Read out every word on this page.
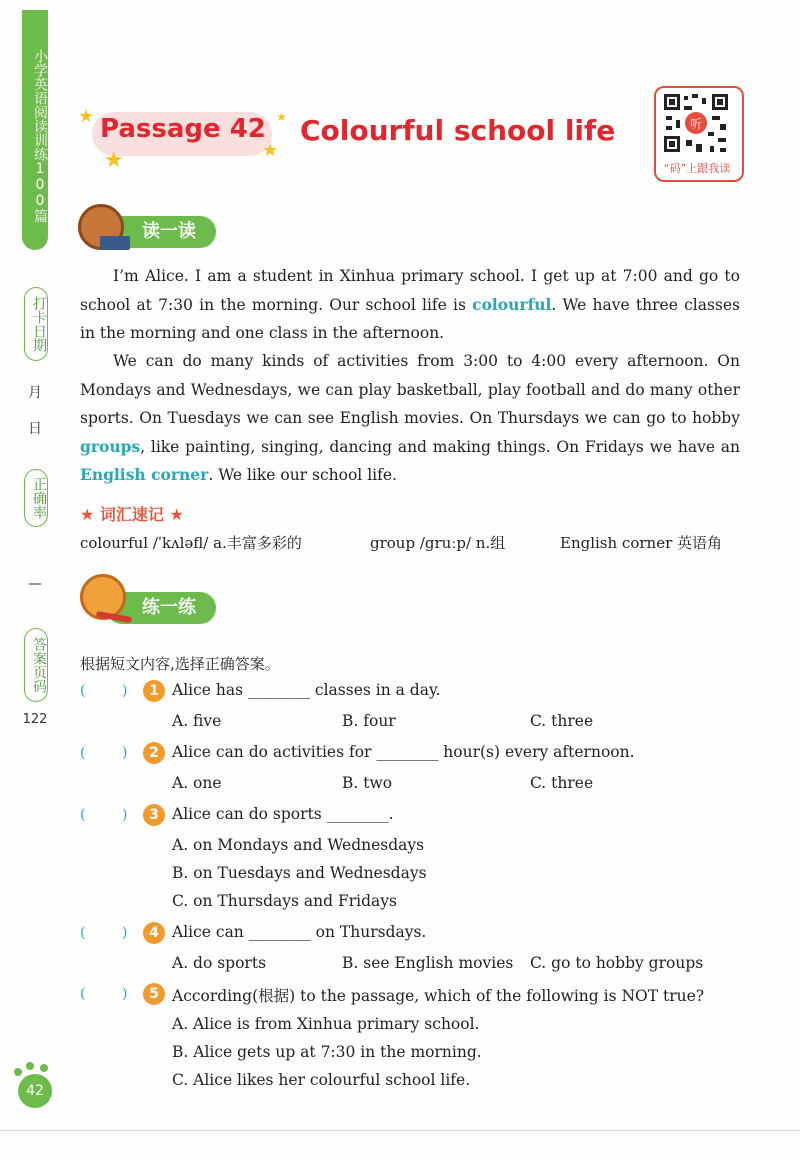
小学英语阅读训练100篇
打卡日期
月
日
正确率
—
答案页码
122
★
★	★
★
Passage 42 Colourful school life	听
“码”上跟我读
读一读
I’m Alice. I am a student in Xinhua primary school. I get up at 7:00 and go to school at 7:30 in the morning. Our school life is colourful. We have three classes in the morning and one class in the afternoon.
We can do many kinds of activities from 3:00 to 4:00 every afternoon. On Mondays and Wednesdays, we can play basketball, play football and do many other sports. On Tuesdays we can see English movies. On Thursdays we can go to hobby groups, like painting, singing, dancing and making things. On Fridays we have an English corner. We like our school life.
★ 词汇速记 ★
colourful /ˈkʌləfl/ a.丰富多彩的	group /gruːp/ n.组	English corner 英语角
练一练
根据短文内容,选择正确答案。
(	)	1 Alice has ________ classes in a day.
A. five	B. four	C. three
(	)	2 Alice can do activities for ________ hour(s) every afternoon.
A. one	B. two	C. three
(	)	3 Alice can do sports ________.
A. on Mondays and Wednesdays
B. on Tuesdays and Wednesdays
C. on Thursdays and Fridays
(	)	4 Alice can ________ on Thursdays.
A. do sports	B. see English movies C. go to hobby groups
(	)	5 According(根据) to the passage, which of the following is NOT true?
A. Alice is from Xinhua primary school.
B. Alice gets up at 7:30 in the morning.
C. Alice likes her colourful school life.
42
